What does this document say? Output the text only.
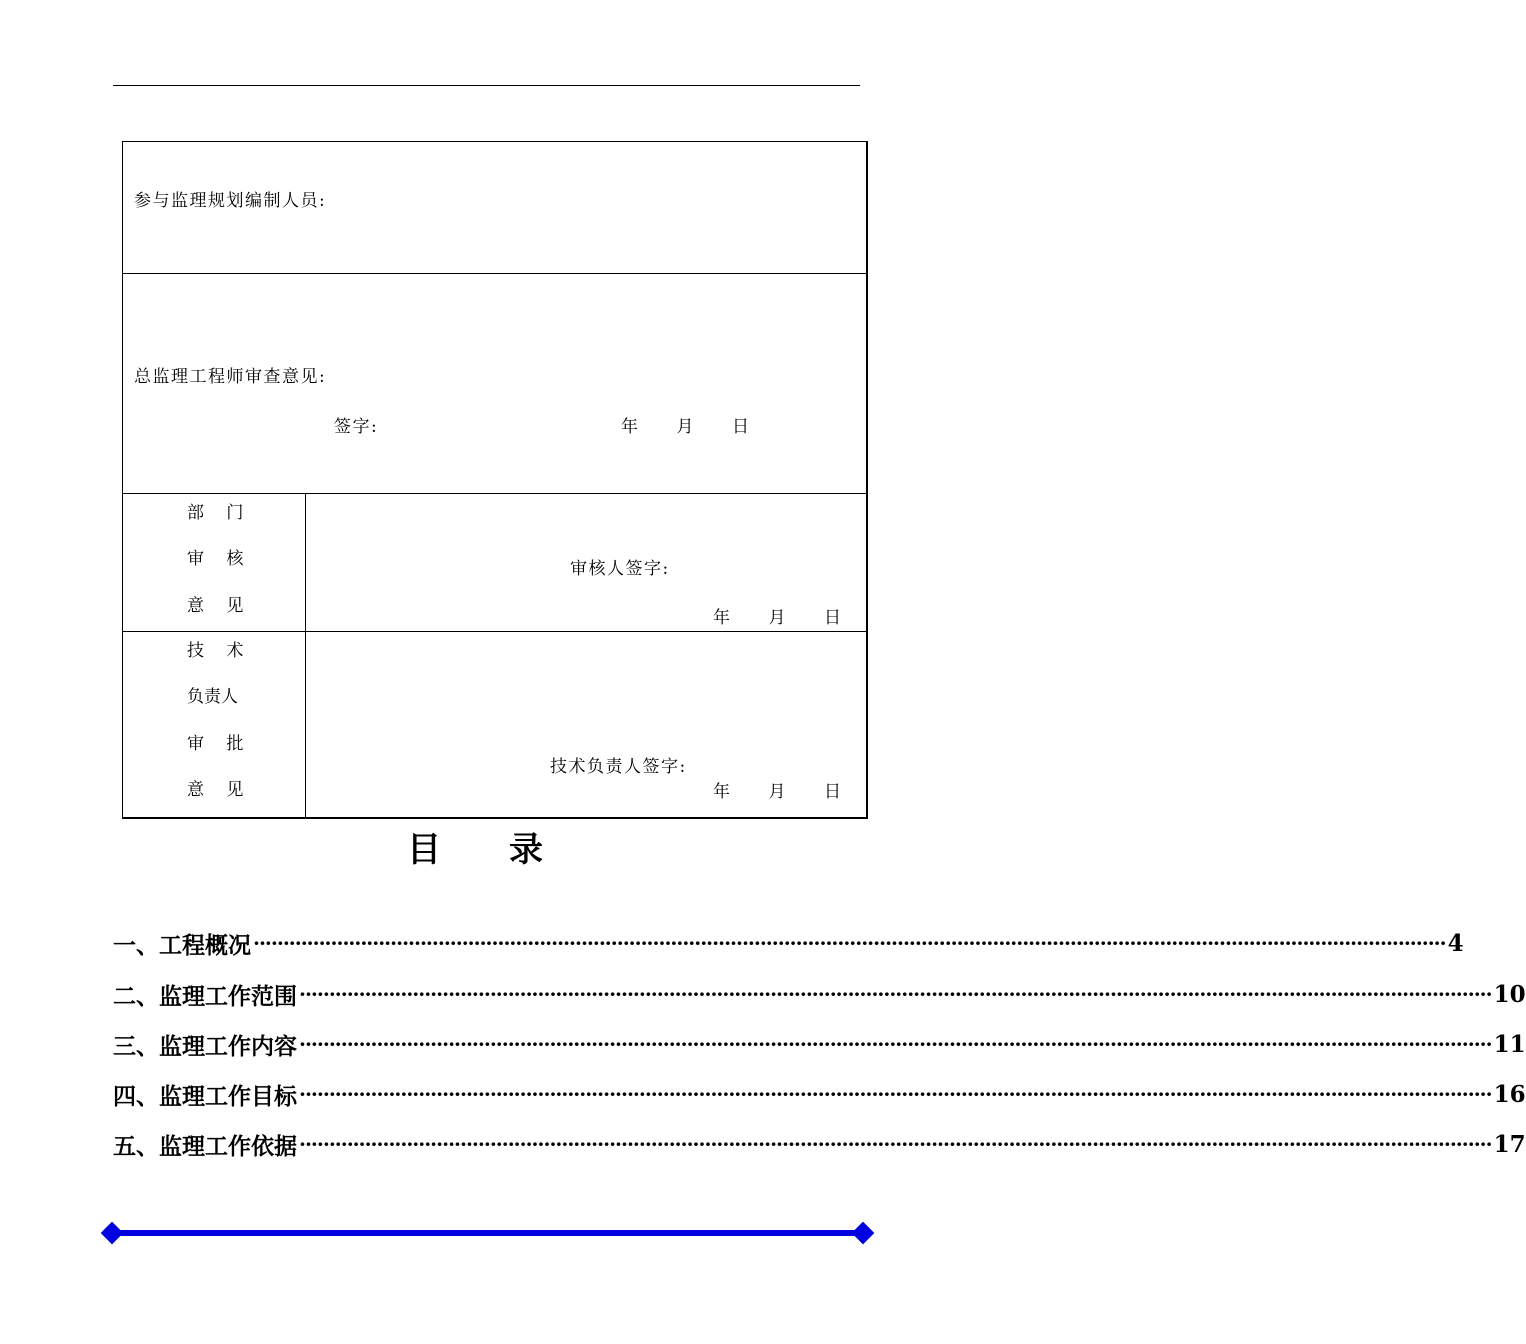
参与监理规划编制人员:
总监理工程师审查意见:
签字:	年　　月　　日
部　 门
审　 核
意　 见
审核人签字:
年　　月　　日
技　 术
负责人
审　 批
意　 见
技术负责人签字:
年　　月　　日
目　　录
一、工程概况 ········································································································································································································ 4
二、监理工作范围 ········································································································································································································ 10
三、监理工作内容 ········································································································································································································ 11
四、监理工作目标 ········································································································································································································ 16
五、监理工作依据 ········································································································································································································ 17
